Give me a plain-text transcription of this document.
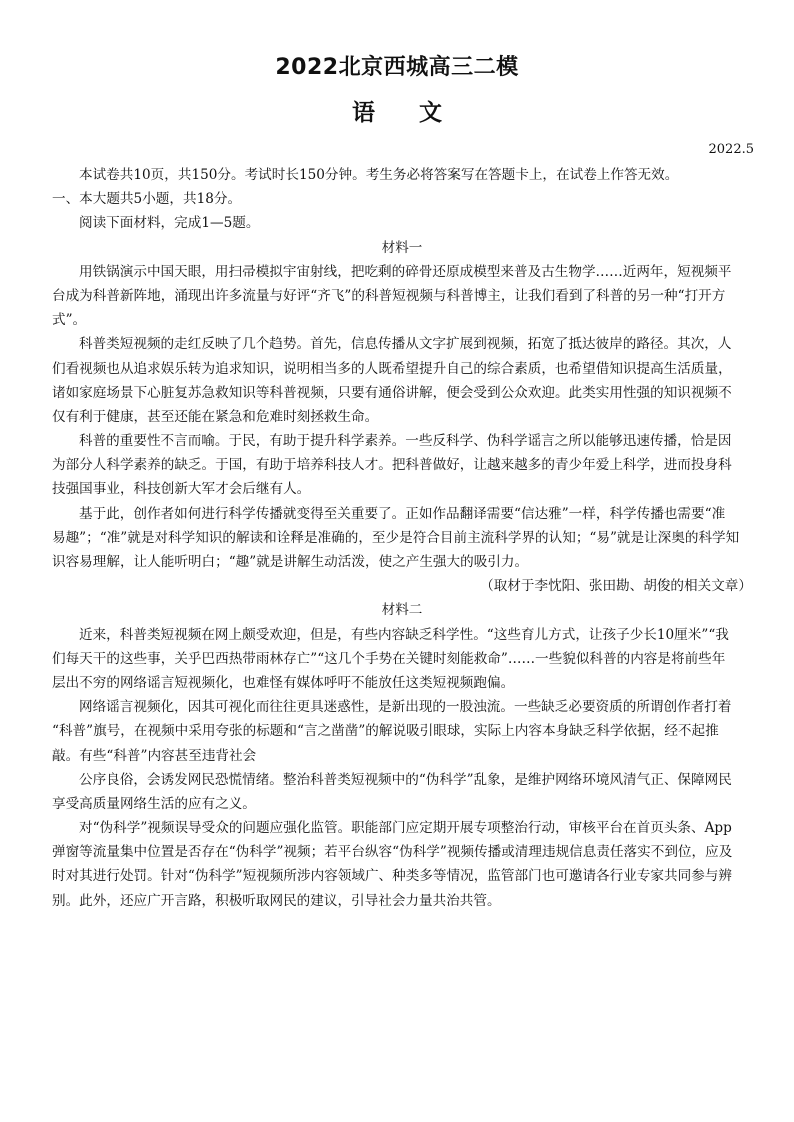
2022北京西城高三二模
语 文
2022.5
本试卷共10页，共150分。考试时长150分钟。考生务必将答案写在答题卡上，在试卷上作答无效。
一、本大题共5小题，共18分。
阅读下面材料，完成1—5题。
材料一
用铁锅演示中国天眼，用扫帚模拟宇宙射线，把吃剩的碎骨还原成模型来普及古生物学……近两年，短视频平
台成为科普新阵地，涌现出许多流量与好评“齐飞”的科普短视频与科普博主，让我们看到了科普的另一种“打开方
式”。
科普类短视频的走红反映了几个趋势。首先，信息传播从文字扩展到视频，拓宽了抵达彼岸的路径。其次，人
们看视频也从追求娱乐转为追求知识，说明相当多的人既希望提升自己的综合素质，也希望借知识提高生活质量，
诸如家庭场景下心脏复苏急救知识等科普视频，只要有通俗讲解，便会受到公众欢迎。此类实用性强的知识视频不
仅有利于健康，甚至还能在紧急和危难时刻拯救生命。
科普的重要性不言而喻。于民，有助于提升科学素养。一些反科学、伪科学谣言之所以能够迅速传播，恰是因
为部分人科学素养的缺乏。于国，有助于培养科技人才。把科普做好，让越来越多的青少年爱上科学，进而投身科
技强国事业，科技创新大军才会后继有人。
基于此，创作者如何进行科学传播就变得至关重要了。正如作品翻译需要“信达雅”一样，科学传播也需要“准
易趣”；“准”就是对科学知识的解读和诠释是准确的，至少是符合目前主流科学界的认知；“易”就是让深奥的科学知
识容易理解，让人能听明白；“趣”就是讲解生动活泼，使之产生强大的吸引力。
（取材于李忱阳、张田勘、胡俊的相关文章）
材料二
近来，科普类短视频在网上颇受欢迎，但是，有些内容缺乏科学性。“这些育儿方式，让孩子少长10厘米”“我
们每天干的这些事，关乎巴西热带雨林存亡”“这几个手势在关键时刻能救命”……一些貌似科普的内容是将前些年
层出不穷的网络谣言短视频化，也难怪有媒体呼吁不能放任这类短视频跑偏。
网络谣言视频化，因其可视化而往往更具迷惑性，是新出现的一股浊流。一些缺乏必要资质的所谓创作者打着
“科普”旗号，在视频中采用夸张的标题和“言之凿凿”的解说吸引眼球，实际上内容本身缺乏科学依据，经不起推
敲。有些“科普”内容甚至违背社会
公序良俗，会诱发网民恐慌情绪。整治科普类短视频中的“伪科学”乱象，是维护网络环境风清气正、保障网民
享受高质量网络生活的应有之义。
对“伪科学”视频误导受众的问题应强化监管。职能部门应定期开展专项整治行动，审核平台在首页头条、App
弹窗等流量集中位置是否存在“伪科学”视频；若平台纵容“伪科学”视频传播或清理违规信息责任落实不到位，应及
时对其进行处罚。针对“伪科学”短视频所涉内容领域广、种类多等情况，监管部门也可邀请各行业专家共同参与辨
别。此外，还应广开言路，积极听取网民的建议，引导社会力量共治共管。
